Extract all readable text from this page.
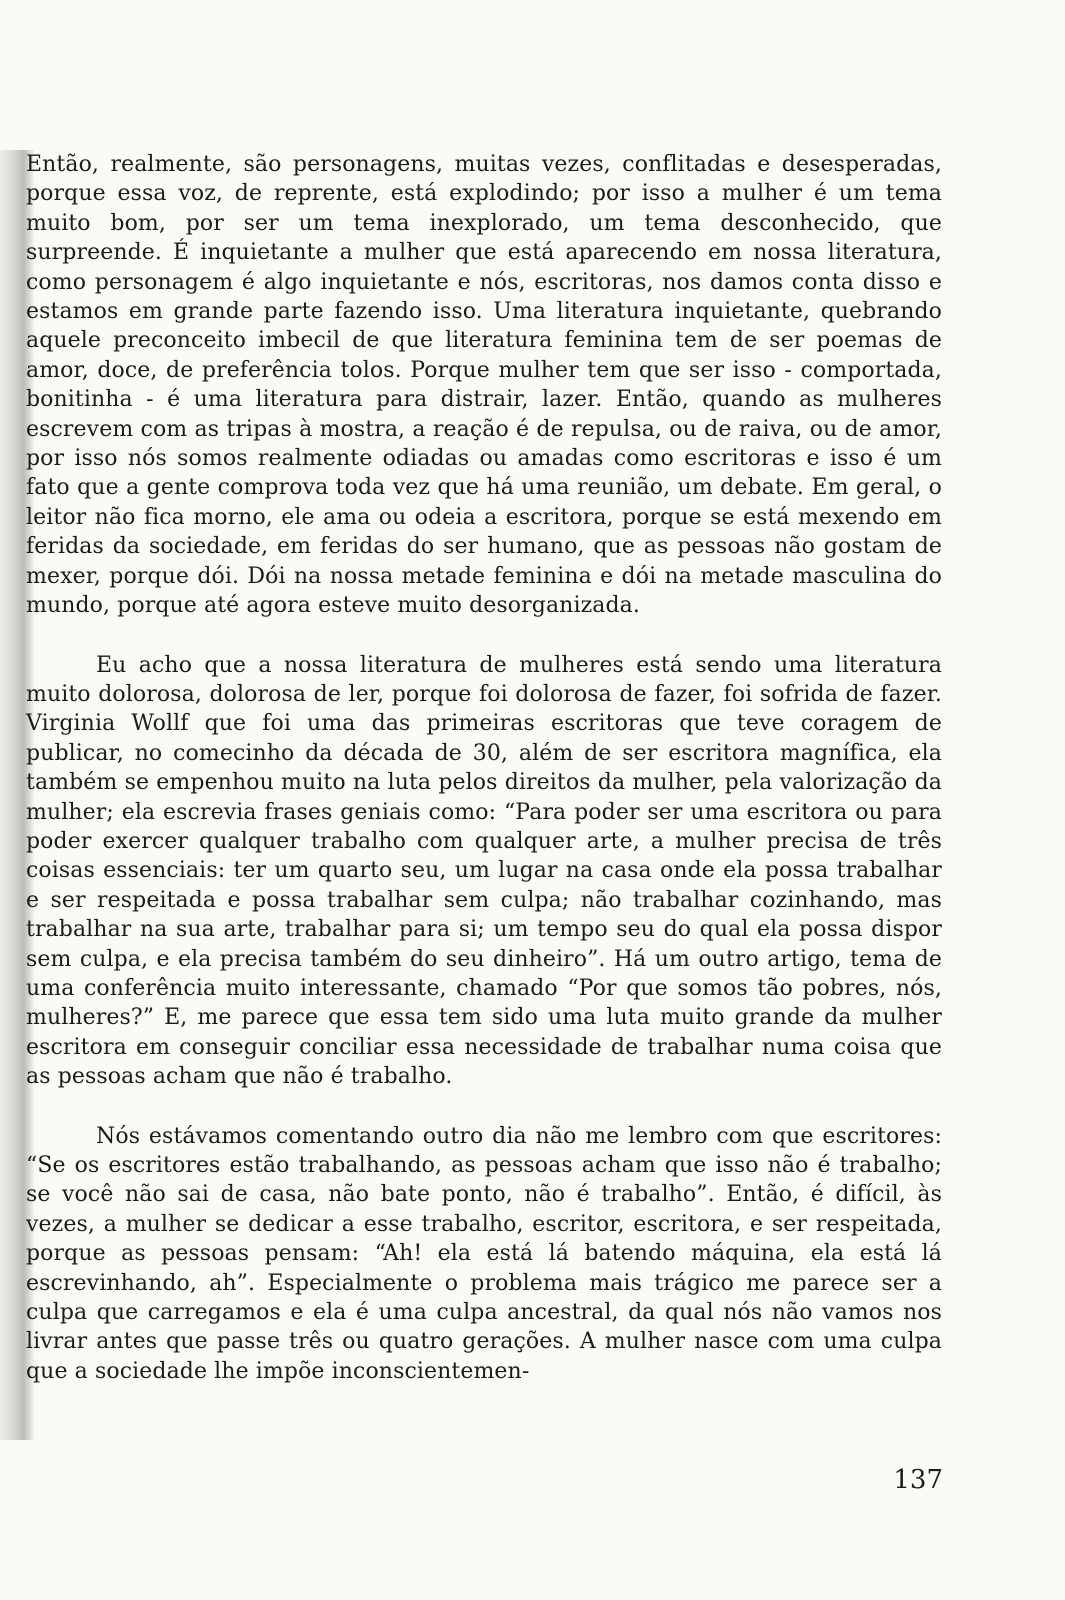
Então, realmente, são personagens, muitas vezes, conflitadas e desesperadas, porque essa voz, de reprente, está explodindo; por isso a mulher é um tema muito bom, por ser um tema inexplorado, um tema desconhecido, que surpreende. É inquietante a mulher que está aparecendo em nossa literatura, como personagem é algo inquietante e nós, escritoras, nos damos conta disso e estamos em grande parte fazendo isso. Uma literatura inquietante, quebrando aquele preconceito imbecil de que literatura feminina tem de ser poemas de amor, doce, de preferência tolos. Porque mulher tem que ser isso - comportada, bonitinha - é uma literatura para distrair, lazer. Então, quando as mulheres escrevem com as tripas à mostra, a reação é de repulsa, ou de raiva, ou de amor, por isso nós somos realmente odiadas ou amadas como escritoras e isso é um fato que a gente comprova toda vez que há uma reunião, um debate. Em geral, o leitor não fica morno, ele ama ou odeia a escritora, porque se está mexendo em feridas da sociedade, em feridas do ser humano, que as pessoas não gostam de mexer, porque dói. Dói na nossa metade feminina e dói na metade masculina do mundo, porque até agora esteve muito desorganizada.

Eu acho que a nossa literatura de mulheres está sendo uma literatura muito dolorosa, dolorosa de ler, porque foi dolorosa de fazer, foi sofrida de fazer. Virginia Wollf que foi uma das primeiras escritoras que teve coragem de publicar, no comecinho da década de 30, além de ser escritora magnífica, ela também se empenhou muito na luta pelos direitos da mulher, pela valorização da mulher; ela escrevia frases geniais como: “Para poder ser uma escritora ou para poder exercer qualquer trabalho com qualquer arte, a mulher precisa de três coisas essenciais: ter um quarto seu, um lugar na casa onde ela possa trabalhar e ser respeitada e possa trabalhar sem culpa; não trabalhar cozinhando, mas trabalhar na sua arte, trabalhar para si; um tempo seu do qual ela possa dispor sem culpa, e ela precisa também do seu dinheiro”. Há um outro artigo, tema de uma conferência muito interessante, chamado “Por que somos tão pobres, nós, mulheres?” E, me parece que essa tem sido uma luta muito grande da mulher escritora em conseguir conciliar essa necessidade de trabalhar numa coisa que as pessoas acham que não é trabalho.

Nós estávamos comentando outro dia não me lembro com que escritores: “Se os escritores estão trabalhando, as pessoas acham que isso não é trabalho; se você não sai de casa, não bate ponto, não é trabalho”. Então, é difícil, às vezes, a mulher se dedicar a esse trabalho, escritor, escritora, e ser respeitada, porque as pessoas pensam: “Ah! ela está lá batendo máquina, ela está lá escrevinhando, ah”. Especialmente o problema mais trágico me parece ser a culpa que carregamos e ela é uma culpa ancestral, da qual nós não vamos nos livrar antes que passe três ou quatro gerações. A mulher nasce com uma culpa que a sociedade lhe impõe inconscientemen-

137
